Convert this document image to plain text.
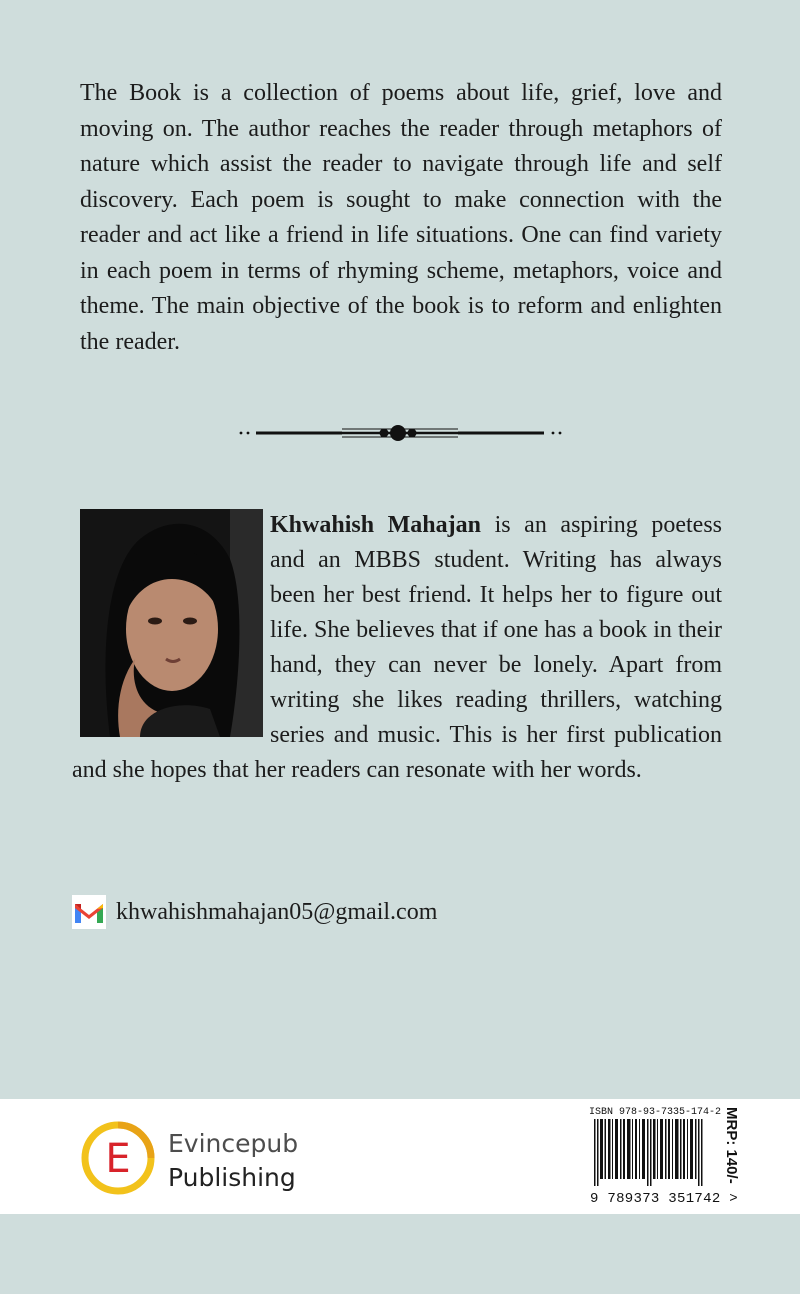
The Book is a collection of poems about life, grief, love and moving on. The author reaches the reader through metaphors of nature which assist the reader to navigate through life and self discovery. Each poem is sought to make connection with the reader and act like a friend in life situations. One can find variety in each poem in terms of rhyming scheme, metaphors, voice and theme. The main objective of the book is to reform and enlighten the reader.

Khwahish Mahajan is an aspiring poetess and an MBBS student. Writing has always been her best friend. It helps her to figure out life. She believes that if one has a book in their hand, they can never be lonely. Apart from writing she likes reading thrillers, watching series and music. This is her first publication and she hopes that her readers can resonate with her words.

khwahishmahajan05@gmail.com
E Evincepub
Publishing
ISBN 978-93-7335-174-2
9 789373 351742 >
MRP: 140/-
